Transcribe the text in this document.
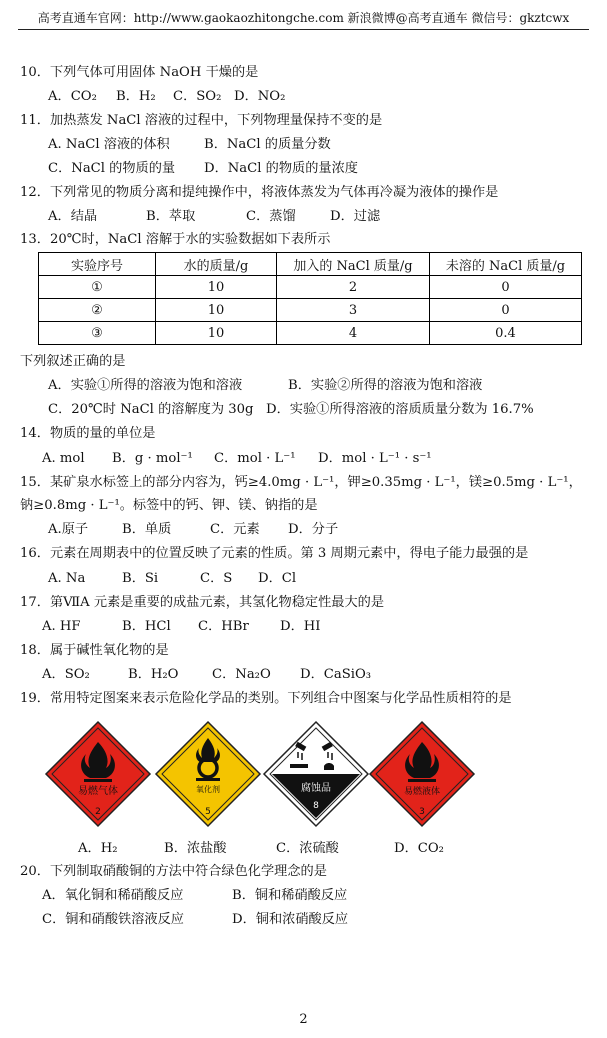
高考直通车官网：http://www.gaokaozhitongche.com 新浪微博@高考直通车 微信号：gkztcwx
10．下列气体可用固体 NaOH 干燥的是
A．CO₂ B．H₂ C．SO₂ D．NO₂
11．加热蒸发 NaCl 溶液的过程中，下列物理量保持不变的是
A. NaCl 溶液的体积	B．NaCl 的质量分数
C．NaCl 的物质的量 D．NaCl 的物质的量浓度
12．下列常见的物质分离和提纯操作中，将液体蒸发为气体再冷凝为液体的操作是
A．结晶	B．萃取	C．蒸馏	D．过滤
13．20℃时，NaCl 溶解于水的实验数据如下表所示
实验序号	水的质量/g	加入的 NaCl 质量/g	未溶的 NaCl 质量/g
①	10	2	0
②	10	3	0
③	10	4	0.4
下列叙述正确的是
A．实验①所得的溶液为饱和溶液	B．实验②所得的溶液为饱和溶液
C．20℃时 NaCl 的溶解度为 30g D．实验①所得溶液的溶质质量分数为 16.7%
14．物质的量的单位是
A. mol B．g · mol⁻¹ C．mol · L⁻¹ D．mol · L⁻¹ · s⁻¹
15．某矿泉水标签上的部分内容为，钙≥4.0mg · L⁻¹，钾≥0.35mg · L⁻¹，镁≥0.5mg · L⁻¹，
钠≥0.8mg · L⁻¹。标签中的钙、钾、镁、钠指的是
A.原子	B．单质	C．元素 D．分子
16．元素在周期表中的位置反映了元素的性质。第 3 周期元素中，得电子能力最强的是
A. Na	B．Si	C．S D．Cl
17．第ⅦA 元素是重要的成盐元素，其氢化物稳定性最大的是
A. HF	B．HCl C．HBr D．HI
18．属于碱性氧化物的是
A．SO₂	B．H₂O	C．Na₂O D．CaSiO₃
19．常用特定图案来表示危险化学品的类别。下列组合中图案与化学品性质相符的是
易燃气体
2
氧化剂
5
腐蚀品
8
易燃液体
3
A．H₂	B．浓盐酸	C．浓硫酸	D．CO₂
20．下列制取硝酸铜的方法中符合绿色化学理念的是
A．氧化铜和稀硝酸反应	B．铜和稀硝酸反应
C．铜和硝酸铁溶液反应	D．铜和浓硝酸反应
2
